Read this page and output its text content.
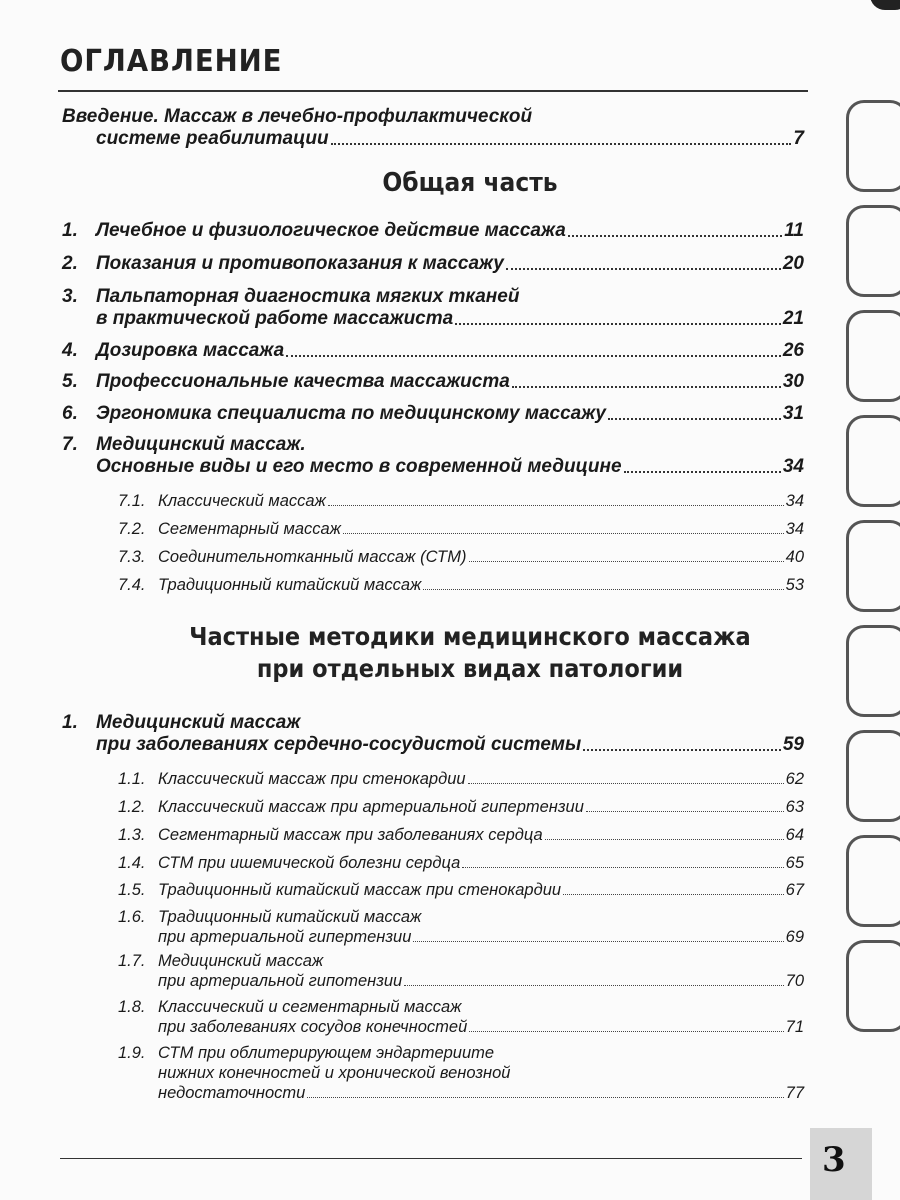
ОГЛАВЛЕНИЕ
Введение. Массаж в лечебно-профилактической
системе реабилитации	7
Общая часть
1. Лечебное и физиологическое действие массажа	11
2. Показания и противопоказания к массажу	20
3. Пальпаторная диагностика мягких тканей
в практической работе массажиста	21
4. Дозировка массажа	26
5. Профессиональные качества массажиста	30
6. Эргономика специалиста по медицинскому массажу	31
7. Медицинский массаж.
Основные виды и его место в современной медицине	34
7.1. Классический массаж	34
7.2. Сегментарный массаж	34
7.3. Соединительнотканный массаж (СТМ)	40
7.4. Традиционный китайский массаж	53
Частные методики медицинского массажа
при отдельных видах патологии
1. Медицинский массаж
при заболеваниях сердечно-сосудистой системы	59
1.1. Классический массаж при стенокардии	62
1.2. Классический массаж при артериальной гипертензии	63
1.3. Сегментарный массаж при заболеваниях сердца	64
1.4. СТМ при ишемической болезни сердца	65
1.5. Традиционный китайский массаж при стенокардии	67
1.6. Традиционный китайский массаж
при артериальной гипертензии	69
1.7. Медицинский массаж
при артериальной гипотензии	70
1.8. Классический и сегментарный массаж
при заболеваниях сосудов конечностей	71
1.9. СТМ при облитерирующем эндартериите
нижних конечностей и хронической венозной
недостаточности	77
3
